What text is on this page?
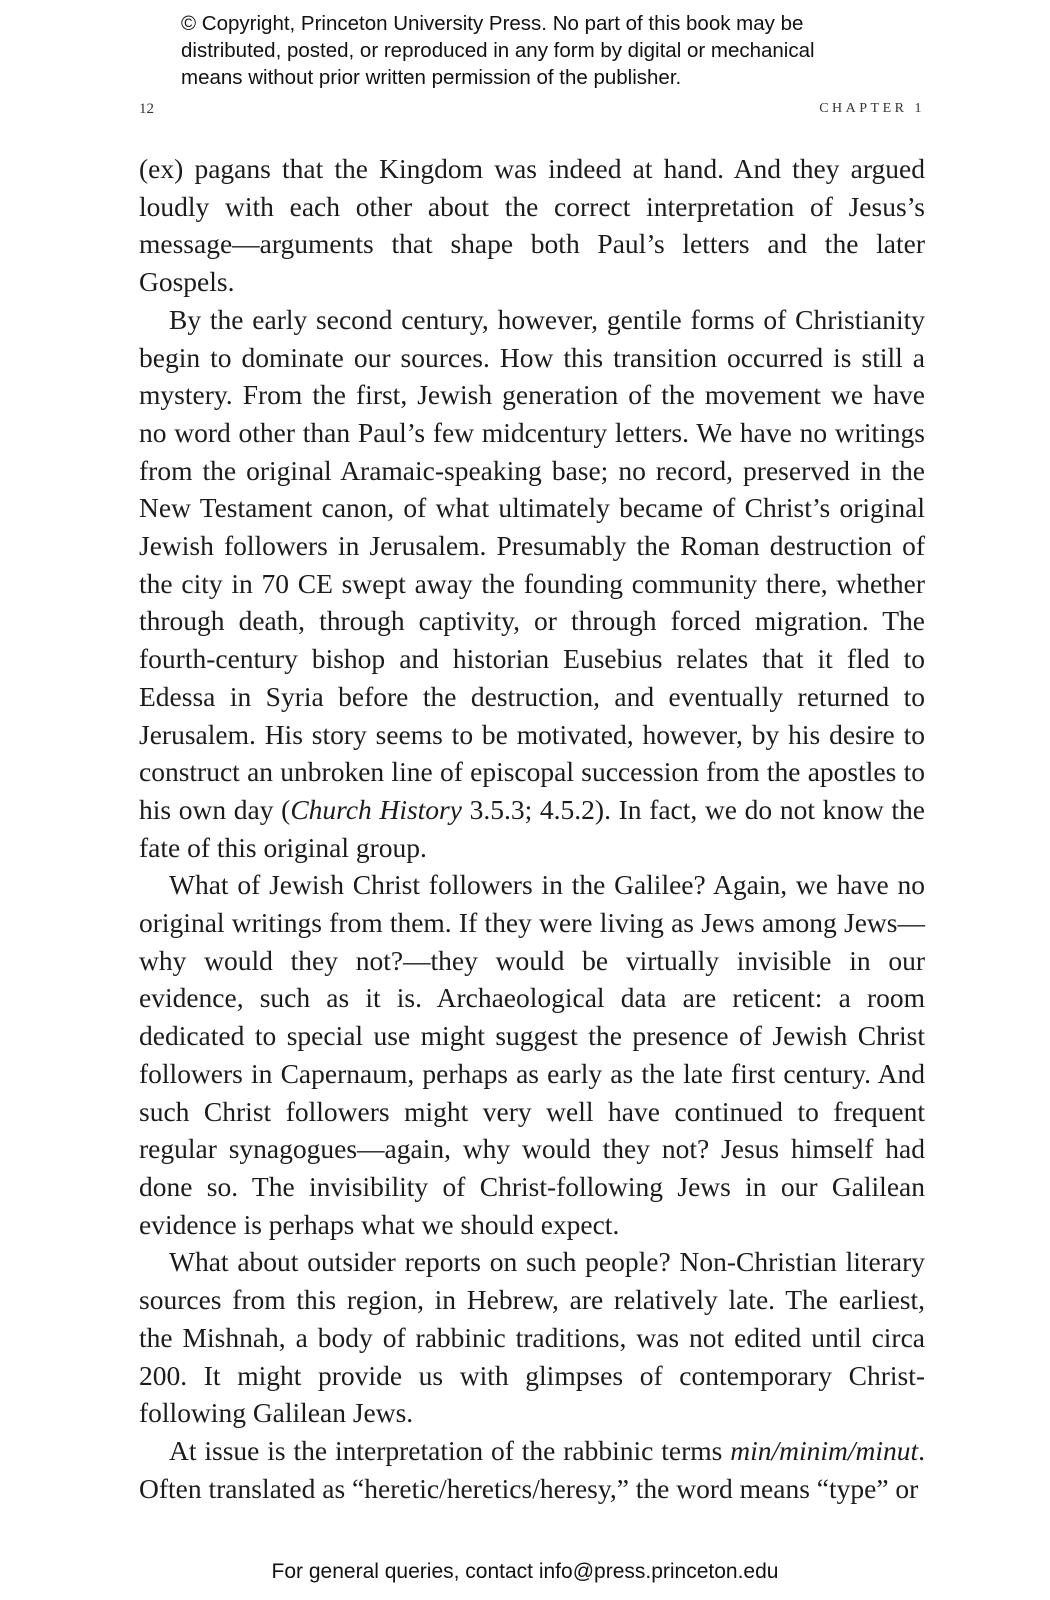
© Copyright, Princeton University Press. No part of this book may be
distributed, posted, or reproduced in any form by digital or mechanical
means without prior written permission of the publisher.
12	CHAPTER 1

(ex) pagans that the Kingdom was indeed at hand. And they argued loudly with each other about the correct interpretation of Jesus’s message—arguments that shape both Paul’s letters and the later Gospels.

By the early second century, however, gentile forms of Christianity begin to dominate our sources. How this transition occurred is still a mystery. From the first, Jewish generation of the movement we have no word other than Paul’s few midcentury letters. We have no writings from the original Aramaic-speaking base; no record, preserved in the New Testament canon, of what ultimately became of Christ’s original Jewish followers in Jerusalem. Presumably the Roman destruction of the city in 70 CE swept away the founding community there, whether through death, through captivity, or through forced migration. The fourth-century bishop and historian Eusebius relates that it fled to Edessa in Syria before the destruction, and eventually returned to Jerusalem. His story seems to be motivated, however, by his desire to construct an unbroken line of episcopal succession from the apostles to his own day (Church History 3.5.3; 4.5.2). In fact, we do not know the fate of this original group.

What of Jewish Christ followers in the Galilee? Again, we have no original writings from them. If they were living as Jews among Jews—why would they not?—they would be virtually invisible in our evidence, such as it is. Archaeological data are reticent: a room dedicated to special use might suggest the presence of Jewish Christ followers in Capernaum, perhaps as early as the late first century. And such Christ followers might very well have continued to frequent regular synagogues—again, why would they not? Jesus himself had done so. The invisibility of Christ-following Jews in our Galilean evidence is perhaps what we should expect.

What about outsider reports on such people? Non-Christian literary sources from this region, in Hebrew, are relatively late. The earliest, the Mishnah, a body of rabbinic traditions, was not edited until circa 200. It might provide us with glimpses of contemporary Christ-following Galilean Jews.

At issue is the interpretation of the rabbinic terms min/minim/minut. Often translated as “heretic/heretics/heresy,” the word means “type” or

For general queries, contact info@press.princeton.edu
